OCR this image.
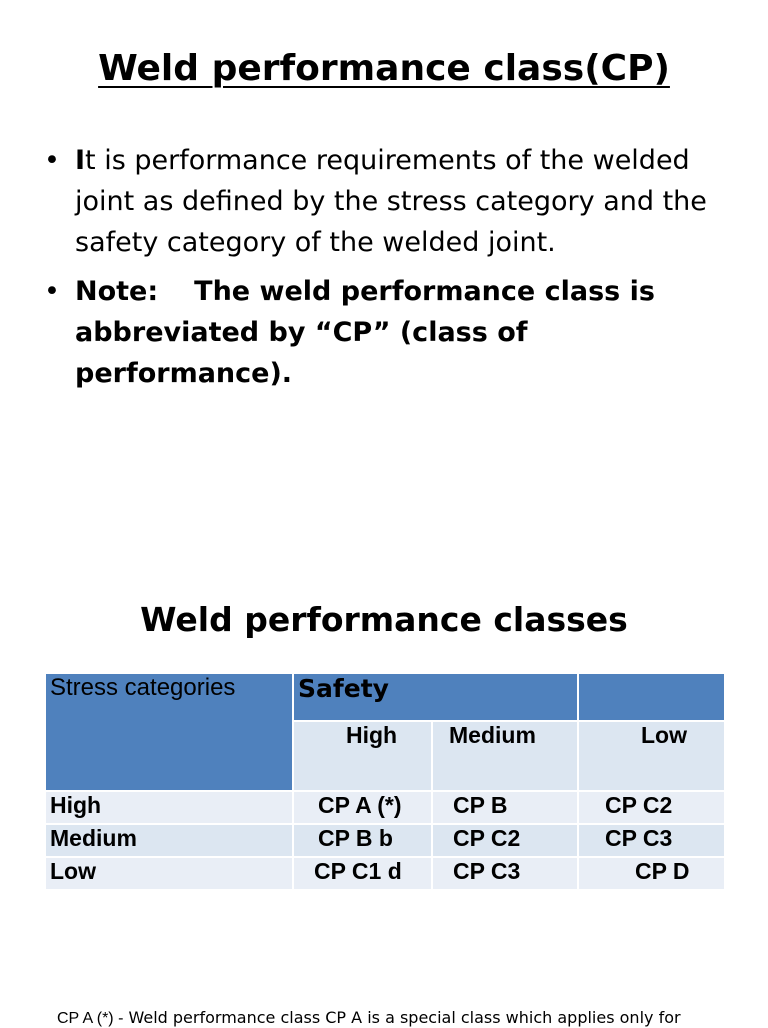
Weld performance class(CP)
• It is performance requirements of the welded joint as defined by the stress category and the safety category of the welded joint.
• Note: The weld performance class is abbreviated by “CP” (class of performance).
Weld performance classes
Stress categories	Safety		
	High	Medium	Low
High	CP A (*)	CP B	CP C2
Medium	CP B b	CP C2	CP C3
Low	CP C1 d	CP C3	CP D
CP A (*) - Weld performance class CP A is a special class which applies only for
